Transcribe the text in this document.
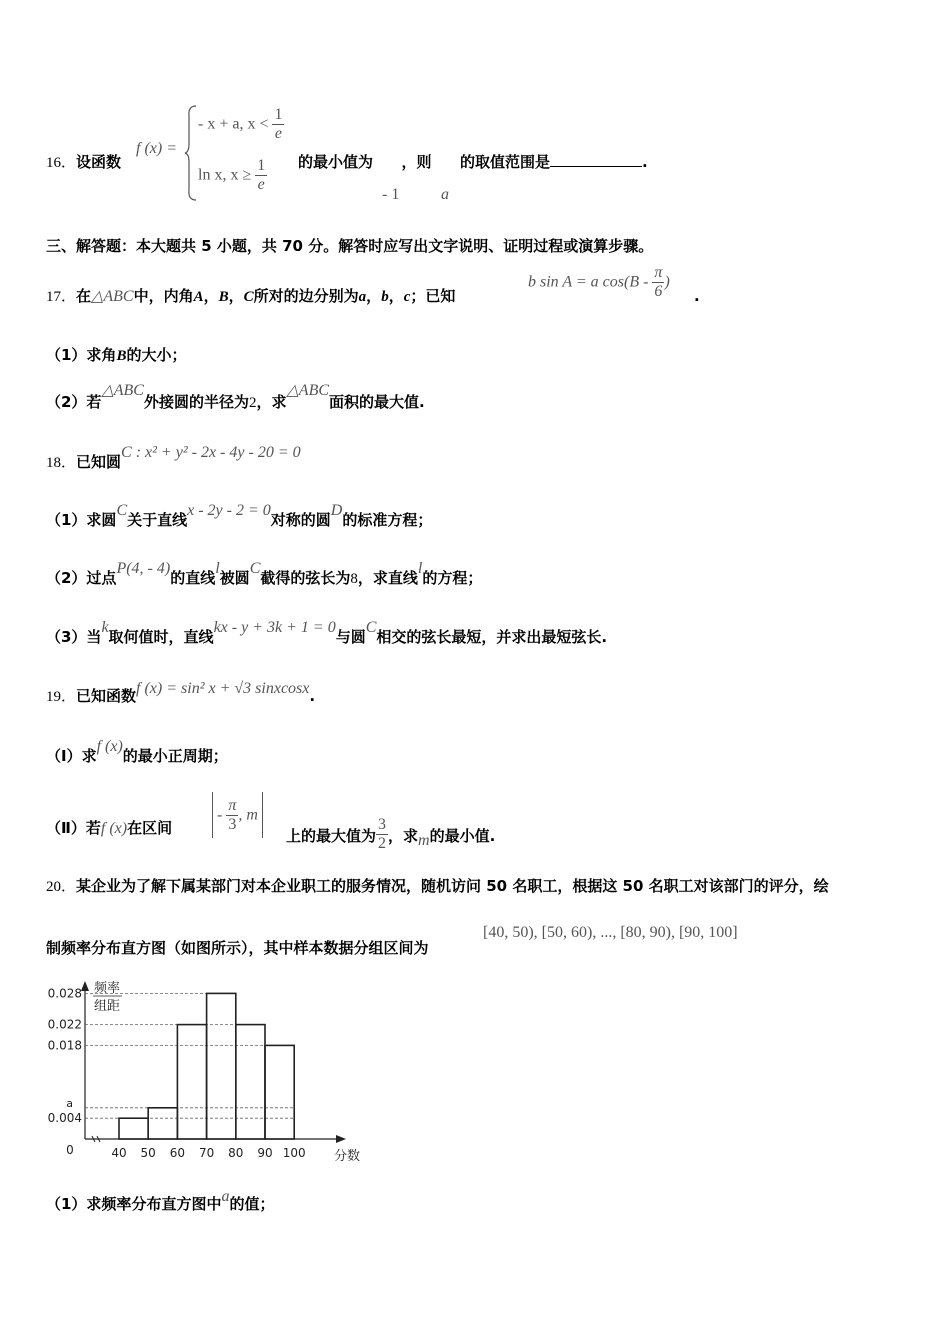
16．设函数
f (x) =
- x + a, $x < \frac{1}{e}$
ln x, $x \ge \frac{1}{e}$ 的最小值为 ，则 的取值范围是	.
- 1	a
三、解答题：本大题共 5 小题，共 70 分。解答时应写出文字说明、证明过程或演算步骤。
17．在△ABC中，内角A，B，C所对的边分别为a，b，c；已知
b sin A = a $\cos(B - \frac{\pi}{6}$ )
.
（1）求角B的大小；
（2）若△ABC外接圆的半径为2，求△ABC面积的最大值.
18．已知圆C : x² + y² - 2x - 4y - 20 = 0
（1）求圆C关于直线x - 2y - 2 = 0对称的圆D的标准方程；
（2）过点P(4, - 4)的直线l被圆C截得的弦长为8，求直线l的方程；
（3）当k取何值时，直线kx - y + 3k + 1 = 0与圆C相交的弦长最短，并求出最短弦长.
19．已知函数f (x) = sin² x + √3 sinxcosx.
（Ⅰ）求f (x)的最小正周期；
（Ⅱ）若f (x)在区间
- $\frac{\pi}{3}$ , m
上的最大值为 $\frac{3}{2}$ ，求m的最小值.
20．某企业为了解下属某部门对本企业职工的服务情况，随机访问 50 名职工，根据这 50 名职工对该部门的评分，绘
制频率分布直方图（如图所示），其中样本数据分组区间为
[40, 50), [50, 60), ..., [80, 90), [90, 100]
0.028
0.022
0.018
a
0.004
40 50 60 70 80 90 100
0	分数
频率
组距
（1）求频率分布直方图中a的值；
